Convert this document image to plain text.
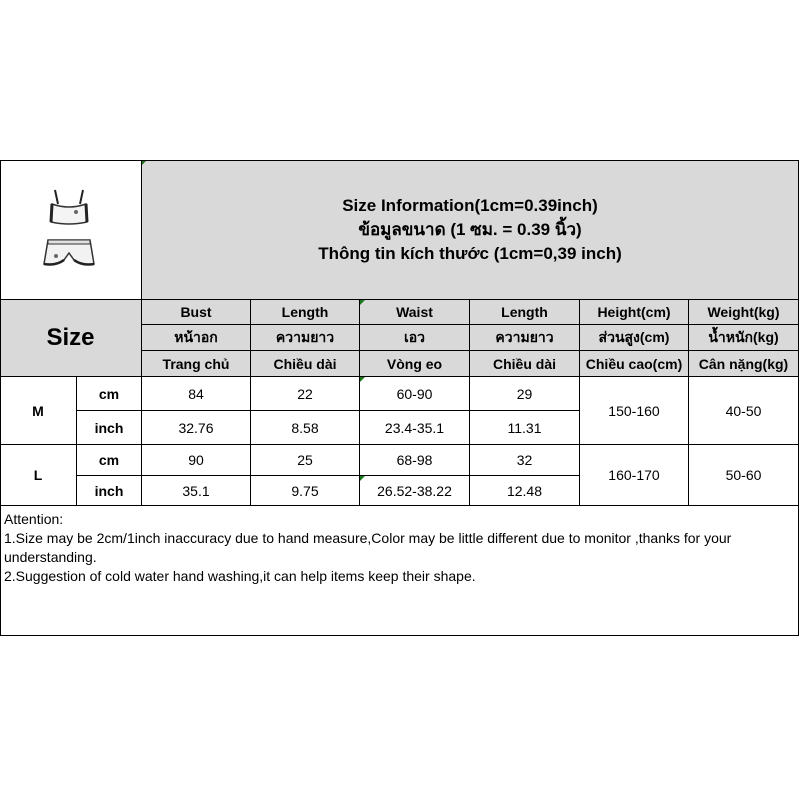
Size Information(1cm=0.39inch)
ข้อมูลขนาด (1 ซม. = 0.39 นิ้ว)
Thông tin kích thước (1cm=0,39 inch)
Size
Bust	Length	Waist	Length	Height(cm)	Weight(kg)
หน้าอก	ความยาว	เอว	ความยาว	ส่วนสูง(cm)	น้ำหนัก(kg)
Trang chủ	Chiều dài	Vòng eo	Chiều dài	Chiều cao(cm)	Cân nặng(kg)
M
cm	84	22	60-90	29
inch	32.76	8.58	23.4-35.1	11.31
150-160	40-50
L
cm	90	25	68-98	32
inch	35.1	9.75	26.52-38.22	12.48
160-170	50-60
Attention:
1.Size may be 2cm/1inch inaccuracy due to hand measure,Color may be little different due to monitor ,thanks for your understanding.
2.Suggestion of cold water hand washing,it can help items keep their shape.
